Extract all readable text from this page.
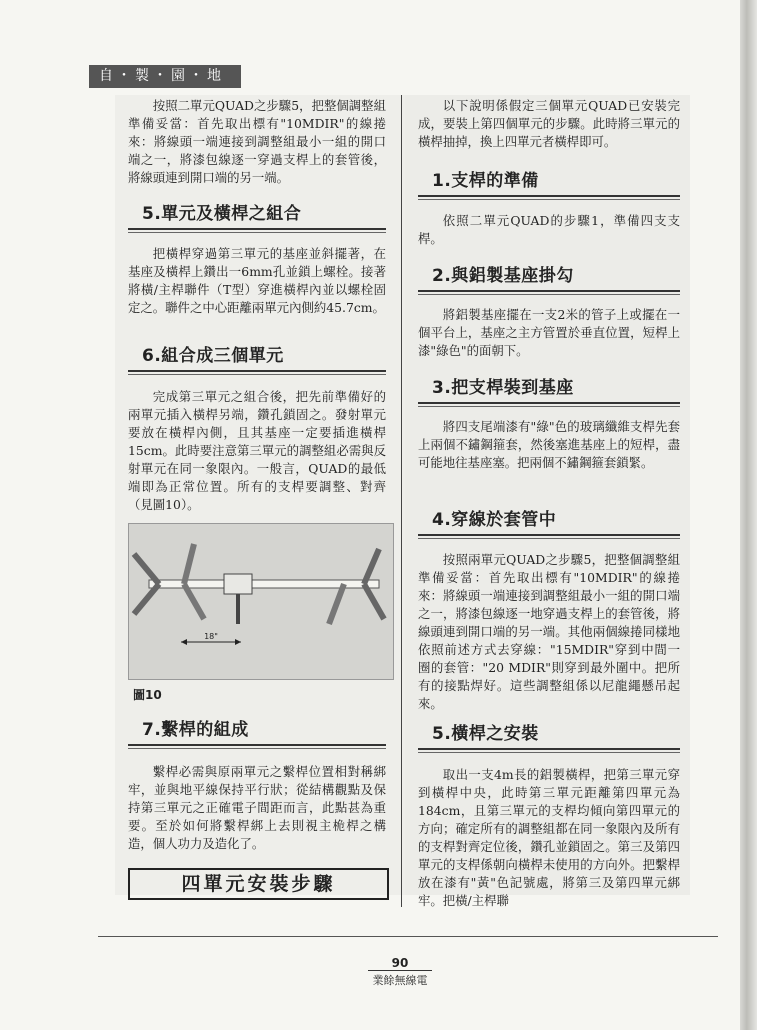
自・製・園・地

按照二單元QUAD之步驟5，把整個調整組準備妥當：首先取出標有"10MDIR"的線捲來：將線頭一端連接到調整組最小一組的開口端之一，將漆包線逐一穿過支桿上的套管後，將線頭連到開口端的另一端。

5.單元及橫桿之組合

把橫桿穿過第三單元的基座並斜擺著，在基座及橫桿上鑽出一6mm孔並鎖上螺栓。接著將橫/主桿聯件（T型）穿進橫桿內並以螺栓固定之。聯件之中心距離兩單元內側約45.7cm。

6.組合成三個單元

完成第三單元之組合後，把先前準備好的兩單元插入橫桿另端，鑽孔鎖固之。發射單元要放在橫桿內側，且其基座一定要插進橫桿15cm。此時要注意第三單元的調整組必需與反射單元在同一象限內。一般言，QUAD的最低端即為正常位置。所有的支桿要調整、對齊（見圖10）。

18"
圖10
7.繫桿的組成

繫桿必需與原兩單元之繫桿位置相對稱綁牢，並與地平線保持平行狀；從結構觀點及保持第三單元之正確電子間距而言，此點甚為重要。至於如何將繫桿綁上去則視主桅桿之構造，個人功力及造化了。

四單元安裝步驟

以下說明係假定三個單元QUAD已安裝完成，要裝上第四個單元的步驟。此時將三單元的橫桿抽掉，換上四單元者橫桿即可。

1.支桿的準備

依照二單元QUAD的步驟1，準備四支支桿。

2.與鋁製基座掛勾

將鋁製基座擺在一支2米的管子上或擺在一個平台上，基座之主方管置於垂直位置，短桿上漆"綠色"的面朝下。

3.把支桿裝到基座

將四支尾端漆有"綠"色的玻璃纖維支桿先套上兩個不鏽鋼箍套，然後塞進基座上的短桿，盡可能地往基座塞。把兩個不鏽鋼箍套鎖緊。

4.穿線於套管中

按照兩單元QUAD之步驟5，把整個調整組準備妥當：首先取出標有"10MDIR"的線捲來：將線頭一端連接到調整組最小一組的開口端之一，將漆包線逐一地穿過支桿上的套管後，將線頭連到開口端的另一端。其他兩個線捲同樣地依照前述方式去穿線："15MDIR"穿到中間一圈的套管："20 MDIR"則穿到最外圍中。把所有的接點焊好。這些調整組係以尼龍繩懸吊起來。

5.橫桿之安裝

取出一支4m長的鋁製橫桿，把第三單元穿到橫桿中央，此時第三單元距離第四單元為184cm，且第三單元的支桿均傾向第四單元的方向；確定所有的調整組都在同一象限內及所有的支桿對齊定位後，鑽孔並鎖固之。第三及第四單元的支桿係朝向橫桿未使用的方向外。把繫桿放在漆有"黃"色記號處，將第三及第四單元綁牢。把橫/主桿聯

90
業餘無線電
